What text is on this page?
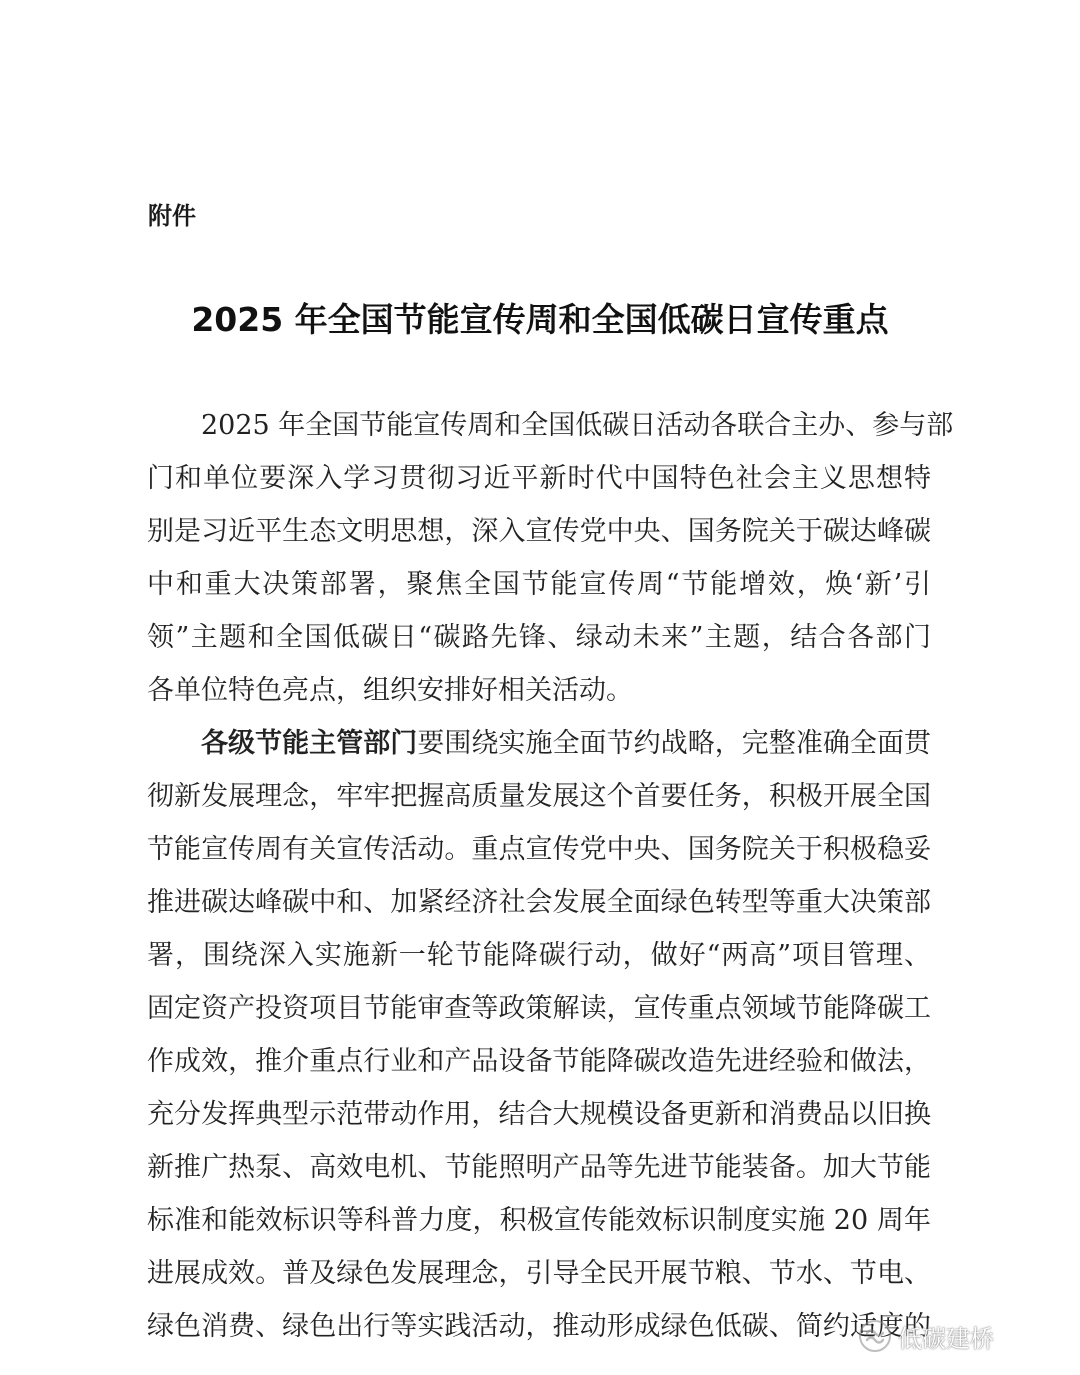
附件
2025 年全国节能宣传周和全国低碳日宣传重点
2025 年全国节能宣传周和全国低碳日活动各联合主办、参与部
门和单位要深入学习贯彻习近平新时代中国特色社会主义思想特
别是习近平生态文明思想，深入宣传党中央、国务院关于碳达峰碳
中和重大决策部署，聚焦全国节能宣传周“节能增效，焕‘新’引
领”主题和全国低碳日“碳路先锋、绿动未来”主题，结合各部门
各单位特色亮点，组织安排好相关活动。
各级节能主管部门要围绕实施全面节约战略，完整准确全面贯
彻新发展理念，牢牢把握高质量发展这个首要任务，积极开展全国
节能宣传周有关宣传活动。重点宣传党中央、国务院关于积极稳妥
推进碳达峰碳中和、加紧经济社会发展全面绿色转型等重大决策部
署，围绕深入实施新一轮节能降碳行动，做好“两高”项目管理、
固定资产投资项目节能审查等政策解读，宣传重点领域节能降碳工
作成效，推介重点行业和产品设备节能降碳改造先进经验和做法，
充分发挥典型示范带动作用，结合大规模设备更新和消费品以旧换
新推广热泵、高效电机、节能照明产品等先进节能装备。加大节能
标准和能效标识等科普力度，积极宣传能效标识制度实施 20 周年
进展成效。普及绿色发展理念，引导全民开展节粮、节水、节电、
绿色消费、绿色出行等实践活动，推动形成绿色低碳、简约适度的
低碳建桥
